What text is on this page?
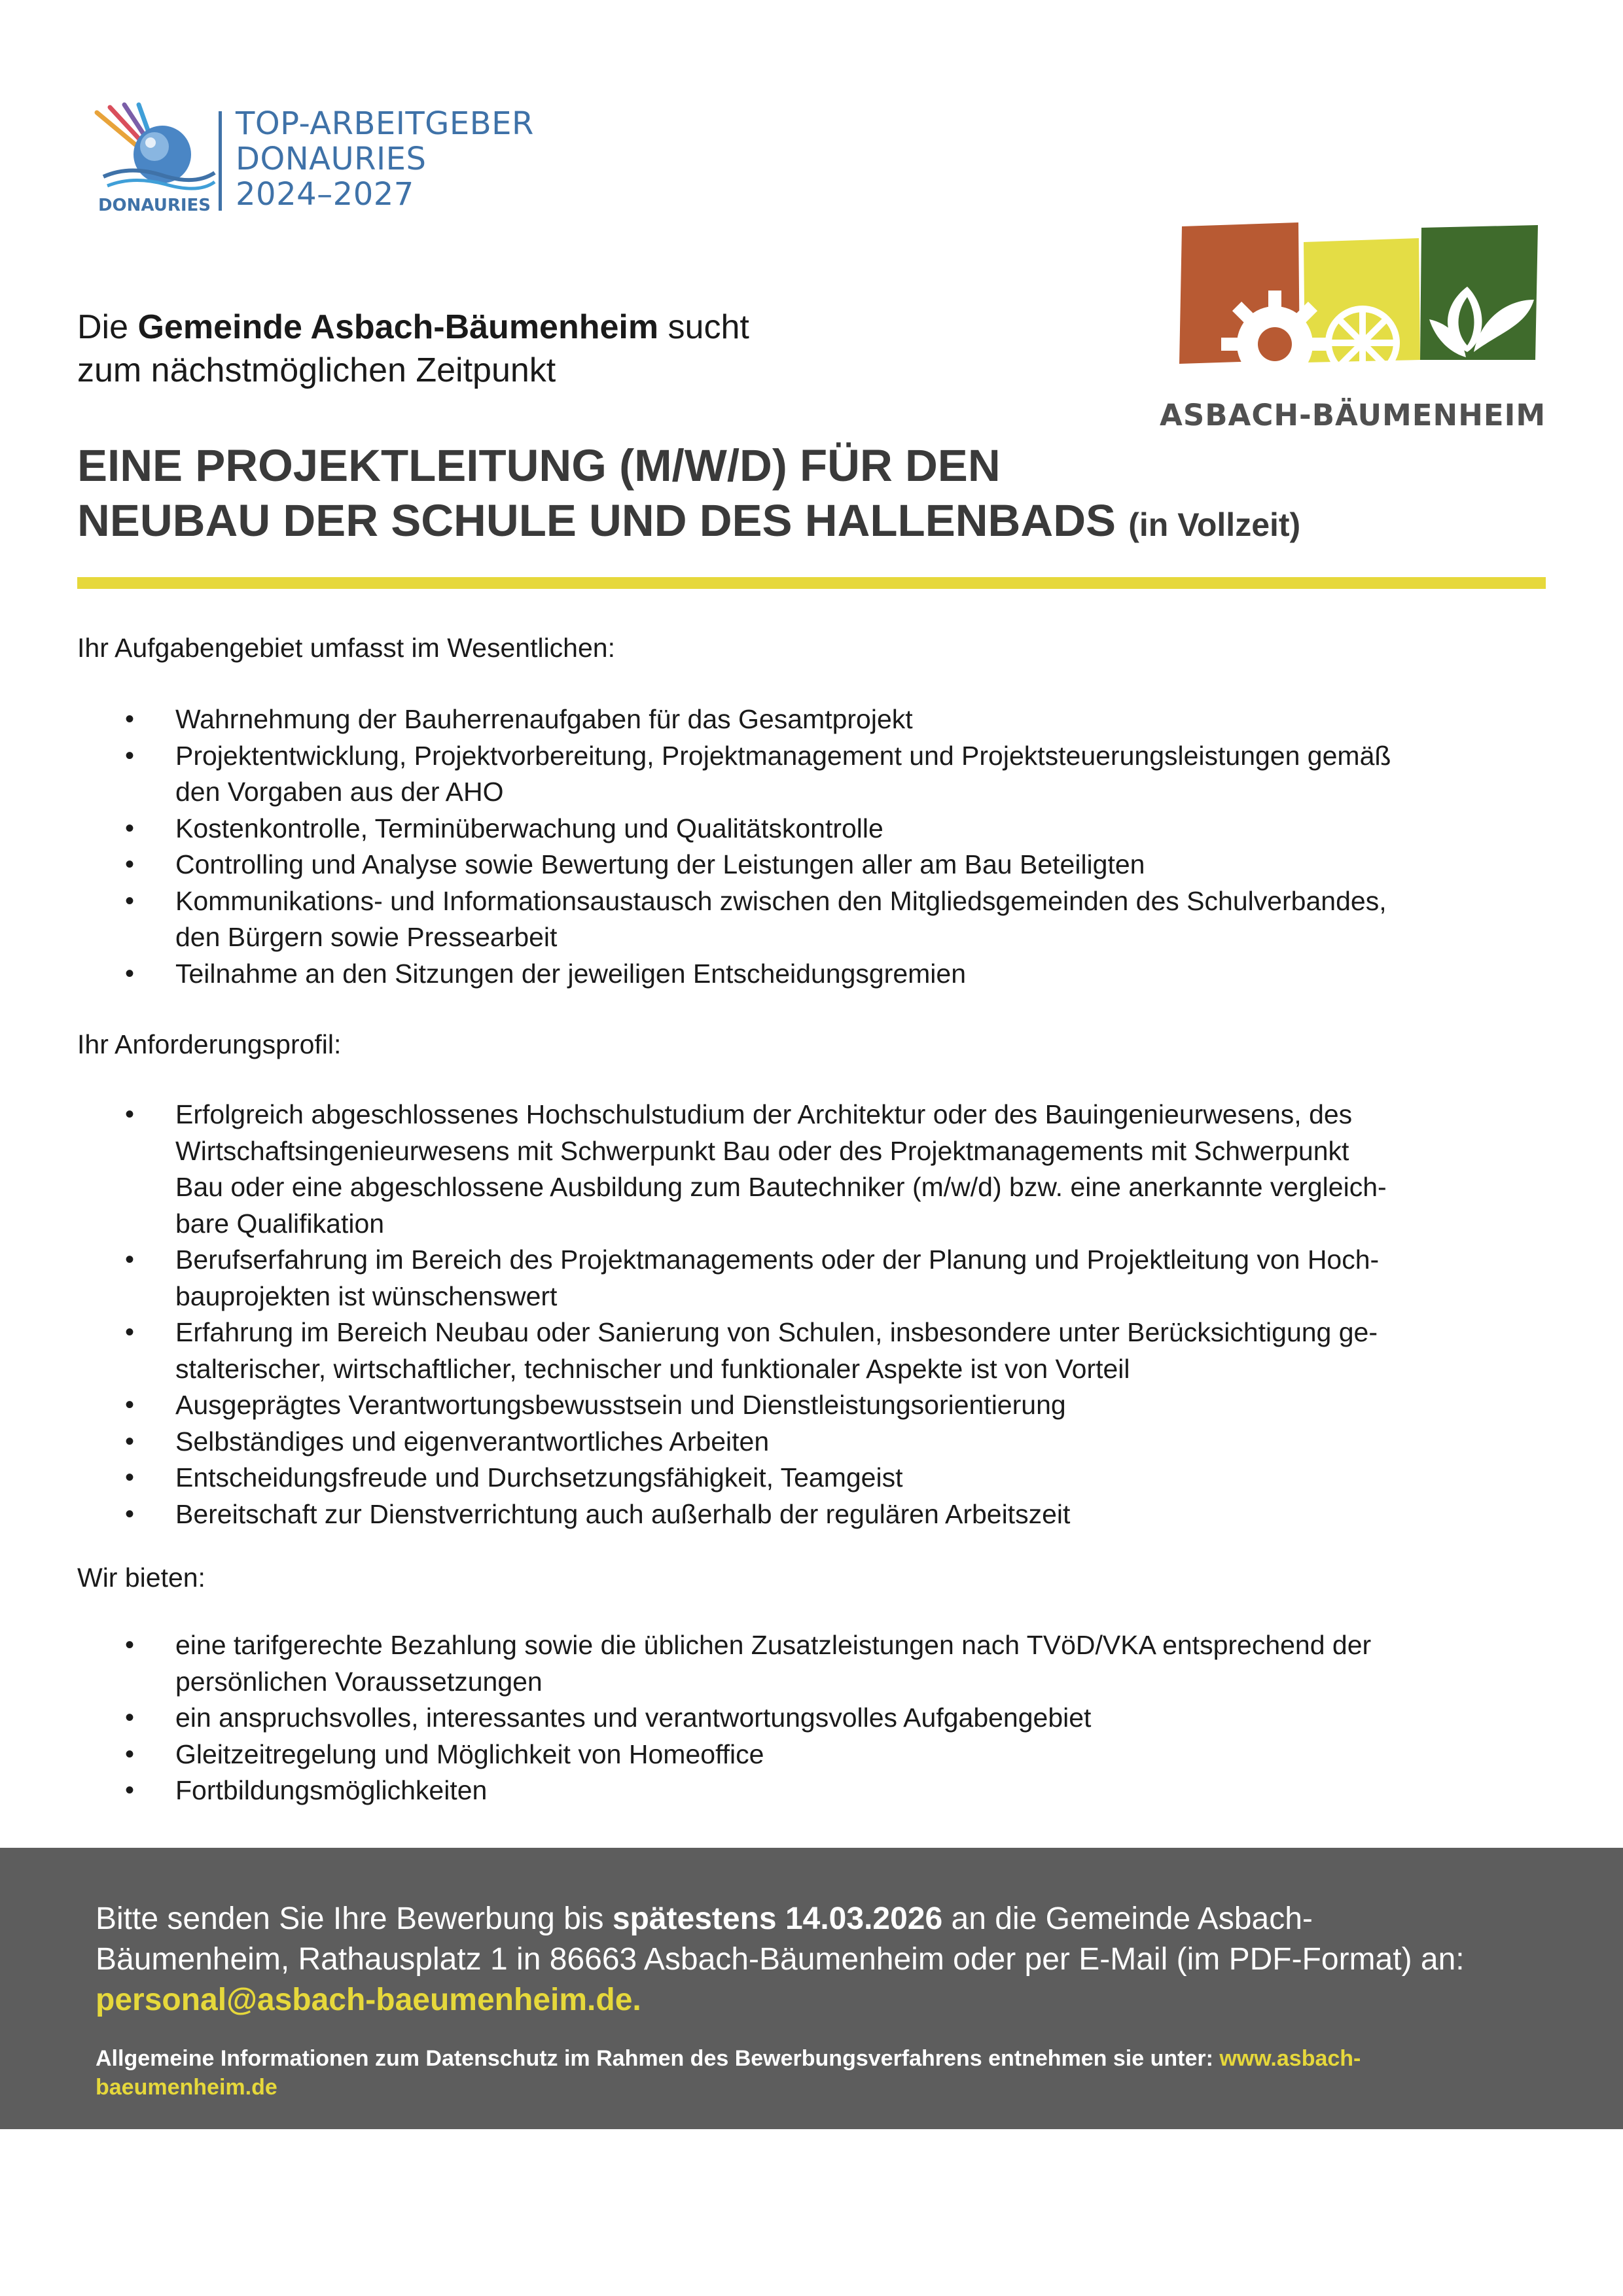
DONAURIES
TOP-ARBEITGEBER
DONAURIES
2024–2027
ASBACH-BÄUMENHEIM
Die Gemeinde Asbach-Bäumenheim sucht
zum nächstmöglichen Zeitpunkt
EINE PROJEKTLEITUNG (M/W/D) FÜR DEN
NEUBAU DER SCHULE UND DES HALLENBADS (in Vollzeit)
Ihr Aufgabengebiet umfasst im Wesentlichen:
• Wahrnehmung der Bauherrenaufgaben für das Gesamtprojekt
• Projektentwicklung, Projektvorbereitung, Projektmanagement und Projektsteuerungsleistungen gemäß
den Vorgaben aus der AHO
• Kostenkontrolle, Terminüberwachung und Qualitätskontrolle
• Controlling und Analyse sowie Bewertung der Leistungen aller am Bau Beteiligten
• Kommunikations- und Informationsaustausch zwischen den Mitgliedsgemeinden des Schulverbandes,
den Bürgern sowie Pressearbeit
• Teilnahme an den Sitzungen der jeweiligen Entscheidungsgremien
Ihr Anforderungsprofil:
• Erfolgreich abgeschlossenes Hochschulstudium der Architektur oder des Bauingenieurwesens, des
Wirtschaftsingenieurwesens mit Schwerpunkt Bau oder des Projektmanagements mit Schwerpunkt
Bau oder eine abgeschlossene Ausbildung zum Bautechniker (m/w/d) bzw. eine anerkannte vergleich-
bare Qualifikation
• Berufserfahrung im Bereich des Projektmanagements oder der Planung und Projektleitung von Hoch-
bauprojekten ist wünschenswert
• Erfahrung im Bereich Neubau oder Sanierung von Schulen, insbesondere unter Berücksichtigung ge-
stalterischer, wirtschaftlicher, technischer und funktionaler Aspekte ist von Vorteil
• Ausgeprägtes Verantwortungsbewusstsein und Dienstleistungsorientierung
• Selbständiges und eigenverantwortliches Arbeiten
• Entscheidungsfreude und Durchsetzungsfähigkeit, Teamgeist
• Bereitschaft zur Dienstverrichtung auch außerhalb der regulären Arbeitszeit
Wir bieten:
• eine tarifgerechte Bezahlung sowie die üblichen Zusatzleistungen nach TVöD/VKA entsprechend der
persönlichen Voraussetzungen
• ein anspruchsvolles, interessantes und verantwortungsvolles Aufgabengebiet
• Gleitzeitregelung und Möglichkeit von Homeoffice
• Fortbildungsmöglichkeiten
Bitte senden Sie Ihre Bewerbung bis spätestens 14.03.2026 an die Gemeinde Asbach-
Bäumenheim, Rathausplatz 1 in 86663 Asbach-Bäumenheim oder per E-Mail (im PDF-Format) an:
personal@asbach-baeumenheim.de.
Allgemeine Informationen zum Datenschutz im Rahmen des Bewerbungsverfahrens entnehmen sie unter: www.asbach-
baeumenheim.de
